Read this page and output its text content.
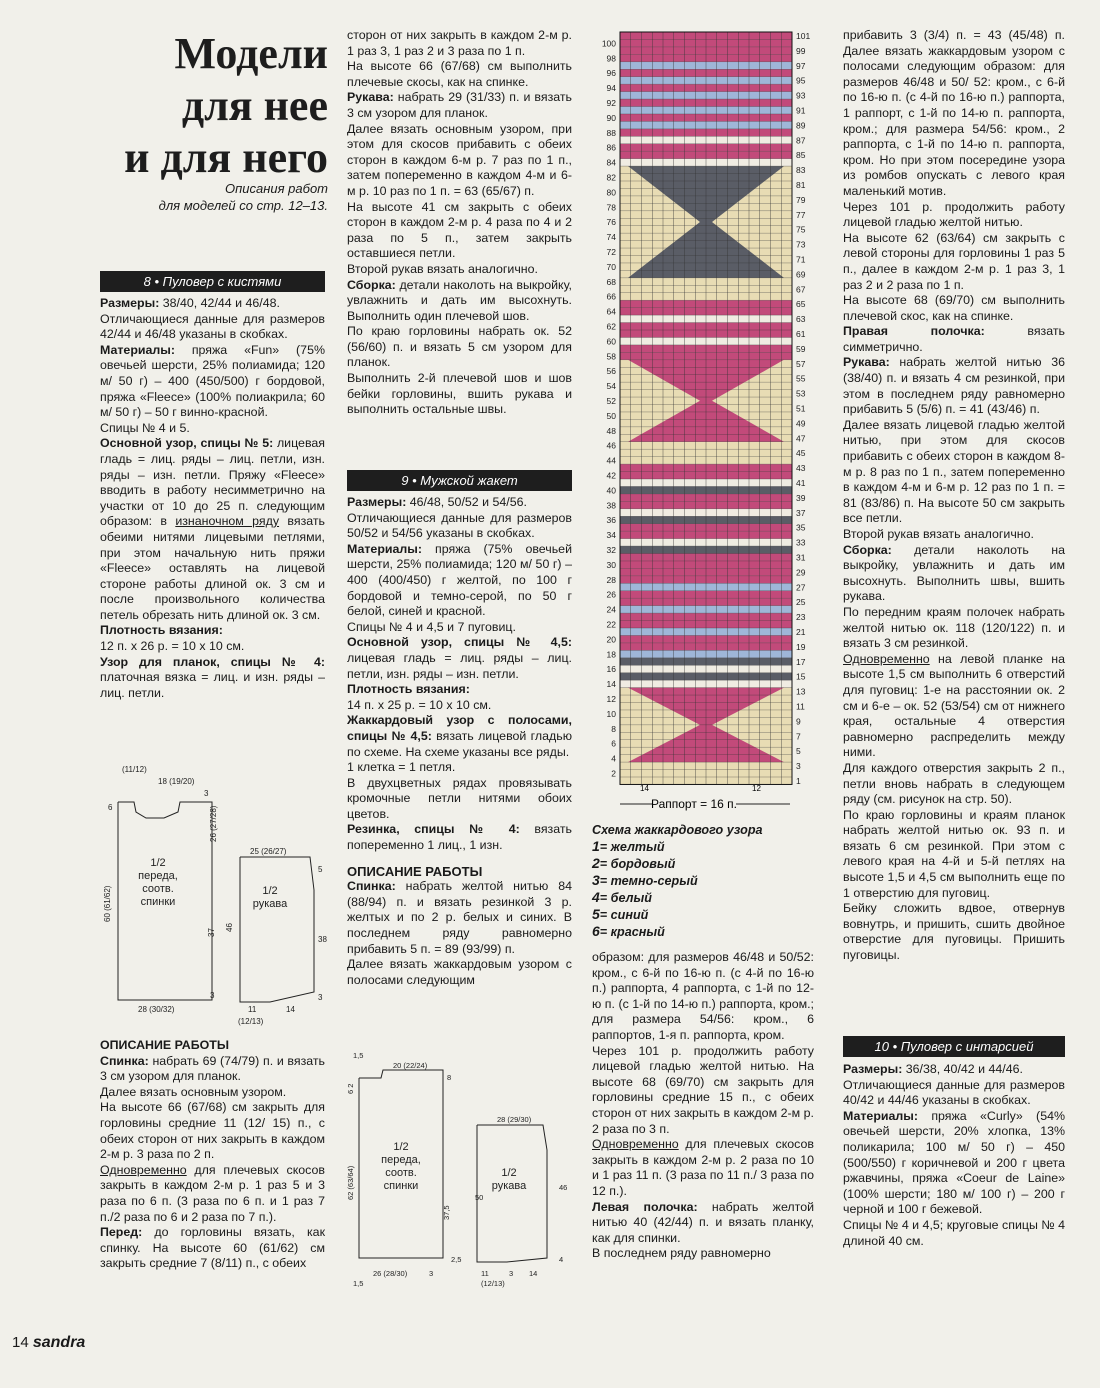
Модели
для нее
и для него
Описания работ
для моделей со стр. 12–13.
8 • Пуловер с кистями

Размеры: 38/40, 42/44 и 46/48.

Отличающиеся данные для размеров 42/44 и 46/48 указаны в скобках.

Материалы: пряжа «Fun» (75% овечьей шерсти, 25% полиамида; 120 м/ 50 г) – 400 (450/500) г бордовой, пряжа «Fleece» (100% полиакрила; 60 м/ 50 г) – 50 г винно-красной.

Спицы № 4 и 5.

Основной узор, спицы № 5: лицевая гладь = лиц. ряды – лиц. петли, изн. ряды – изн. петли. Пряжу «Fleece» вводить в работу несимметрично на участки от 10 до 25 п. следующим образом: в изнаночном ряду вязать обеими нитями лицевыми петлями, при этом начальную нить пряжи «Fleece» оставлять на лицевой стороне работы длиной ок. 3 см и после произвольного количества петель обрезать нить длиной ок. 3 см.

Плотность вязания:

12 п. х 26 р. = 10 х 10 см.

Узор для планок, спицы № 4: платочная вязка = лиц. и изн. ряды – лиц. петли.

(11/12)
18 (19/20)
6
3
26 (27/28)
60 (61/62)
37
46
3
28 (30/32)
25 (26/27)
5
38
3
11	14
(12/13)
1/2
переда,
соотв.
спинки
1/2
рукава

ОПИСАНИЕ РАБОТЫ

Спинка: набрать 69 (74/79) п. и вязать 3 см узором для планок.

Далее вязать основным узором.

На высоте 66 (67/68) см закрыть для горловины средние 11 (12/ 15) п., с обеих сторон от них закрыть в каждом 2-м р. 3 раза по 2 п.

Одновременно для плечевых скосов закрыть в каждом 2-м р. 1 раз 5 и 3 раза по 6 п. (3 раза по 6 п. и 1 раз 7 п./2 раза по 6 и 2 раза по 7 п.).

Перед: до горловины вязать, как спинку. На высоте 60 (61/62) см закрыть средние 7 (8/11) п., с обеих

сторон от них закрыть в каждом 2-м р. 1 раз 3, 1 раз 2 и 3 раза по 1 п.

На высоте 66 (67/68) см выполнить плечевые скосы, как на спинке.

Рукава: набрать 29 (31/33) п. и вязать 3 см узором для планок.

Далее вязать основным узором, при этом для скосов прибавить с обеих сторон в каждом 6-м р. 7 раз по 1 п., затем попеременно в каждом 4-м и 6-м р. 10 раз по 1 п. = 63 (65/67) п.

На высоте 41 см закрыть с обеих сторон в каждом 2-м р. 4 раза по 4 и 2 раза по 5 п., затем закрыть оставшиеся петли.

Второй рукав вязать аналогично.

Сборка: детали наколоть на выкройку, увлажнить и дать им высохнуть. Выполнить один плечевой шов.

По краю горловины набрать ок. 52 (56/60) п. и вязать 5 см узором для планок.

Выполнить 2-й плечевой шов и шов бейки горловины, вшить рукава и выполнить остальные швы.

9 • Мужской жакет

Размеры: 46/48, 50/52 и 54/56.

Отличающиеся данные для размеров 50/52 и 54/56 указаны в скобках.

Материалы: пряжа (75% овечьей шерсти, 25% полиамида; 120 м/ 50 г) – 400 (400/450) г желтой, по 100 г бордовой и темно-серой, по 50 г белой, синей и красной.

Спицы № 4 и 4,5 и 7 пуговиц.

Основной узор, спицы № 4,5: лицевая гладь = лиц. ряды – лиц. петли, изн. ряды – изн. петли.

Плотность вязания:

14 п. х 25 р. = 10 х 10 см.

Жаккардовый узор с полосами, спицы № 4,5: вязать лицевой гладью по схеме. На схеме указаны все ряды.

1 клетка = 1 петля.

В двухцветных рядах провязывать кромочные петли нитями обоих цветов.

Резинка, спицы № 4: вязать попеременно 1 лиц., 1 изн.

ОПИСАНИЕ РАБОТЫ

Спинка: набрать желтой нитью 84 (88/94) п. и вязать резинкой 3 р. желтых и по 2 р. белых и синих. В последнем ряду равномерно прибавить 5 п. = 89 (93/99) п.

Далее вязать жаккардовым узором с полосами следующим

1,5
6 2
20 (22/24)
8
62 (63/64)
37,5
2,5
26 (28/30)	3
1,5
28 (29/30)
50
46
4
11	14
(12/13)
3
1/2
переда,
соотв.
спинки
1/2
рукава
100
98
96
94
92
90
88
86
84
82
80
78
76
74
72
70
68
66
64
62
60
58
56
54
52
50
48
46
44
42
40
38
36
34
32
30
28
26
24
22
20
18
16
14
12
10
8
6
4
2
101
99
97
95
93
91
89
87
85
83
81
79
77
75
73
71
69
67
65
63
61
59
57
55
53
51
49
47
45
43
41
39
37
35
33
31
29
27
25
23
21
19
17
15
13
11
9
7
5
3
1
14	12
Раппорт = 16 п.
Схема жаккардового узора
1= желтый
2= бордовый
3= темно-серый
4= белый
5= синий
6= красный

образом: для размеров 46/48 и 50/52: кром., с 6-й по 16-ю п. (с 4-й по 16-ю п.) раппорта, 4 раппорта, с 1-й по 12-ю п. (с 1-й по 14-ю п.) раппорта, кром.; для размера 54/56: кром., 6 раппортов, 1-я п. раппорта, кром.

Через 101 р. продолжить работу лицевой гладью желтой нитью. На высоте 68 (69/70) см закрыть для горловины средние 15 п., с обеих сторон от них закрыть в каждом 2-м р. 2 раза по 3 п.

Одновременно для плечевых скосов закрыть в каждом 2-м р. 2 раза по 10 и 1 раз 11 п. (3 раза по 11 п./ 3 раза по 12 п.).

Левая полочка: набрать желтой нитью 40 (42/44) п. и вязать планку, как для спинки.

В последнем ряду равномерно

прибавить 3 (3/4) п. = 43 (45/48) п. Далее вязать жаккардовым узором с полосами следующим образом: для размеров 46/48 и 50/ 52: кром., с 6-й по 16-ю п. (с 4-й по 16-ю п.) раппорта, 1 раппорт, с 1-й по 14-ю п. раппорта, кром.; для размера 54/56: кром., 2 раппорта, с 1-й по 14-ю п. раппорта, кром. Но при этом посередине узора из ромбов опускать с левого края маленький мотив.

Через 101 р. продолжить работу лицевой гладью желтой нитью.

На высоте 62 (63/64) см закрыть с левой стороны для горловины 1 раз 5 п., далее в каждом 2-м р. 1 раз 3, 1 раз 2 и 2 раза по 1 п.

На высоте 68 (69/70) см выполнить плечевой скос, как на спинке.

Правая полочка: вязать симметрично.

Рукава: набрать желтой нитью 36 (38/40) п. и вязать 4 см резинкой, при этом в последнем ряду равномерно прибавить 5 (5/6) п. = 41 (43/46) п.

Далее вязать лицевой гладью желтой нитью, при этом для скосов прибавить с обеих сторон в каждом 8-м р. 8 раз по 1 п., затем попеременно в каждом 4-м и 6-м р. 12 раз по 1 п. = 81 (83/86) п. На высоте 50 см закрыть все петли.

Второй рукав вязать аналогично.

Сборка: детали наколоть на выкройку, увлажнить и дать им высохнуть. Выполнить швы, вшить рукава.

По передним краям полочек набрать желтой нитью ок. 118 (120/122) п. и вязать 3 см резинкой.

Одновременно на левой планке на высоте 1,5 см выполнить 6 отверстий для пуговиц: 1-е на расстоянии ок. 2 см и 6-е – ок. 52 (53/54) см от нижнего края, остальные 4 отверстия равномерно распределить между ними.

Для каждого отверстия закрыть 2 п., петли вновь набрать в следующем ряду (см. рисунок на стр. 50).

По краю горловины и краям планок набрать желтой нитью ок. 93 п. и вязать 6 см резинкой. При этом с левого края на 4-й и 5-й петлях на высоте 1,5 и 4,5 см выполнить еще по 1 отверстию для пуговиц.

Бейку сложить вдвое, отвернув вовнутрь, и пришить, сшить двойное отверстие для пуговицы. Пришить пуговицы.

10 • Пуловер с интарсией

Размеры: 36/38, 40/42 и 44/46.

Отличающиеся данные для размеров 40/42 и 44/46 указаны в скобках.

Материалы: пряжа «Curly» (54% овечьей шерсти, 20% хлопка, 13% поликарила; 100 м/ 50 г) – 450 (500/550) г коричневой и 200 г цвета ржавчины, пряжа «Coeur de Laine» (100% шерсти; 180 м/ 100 г) – 200 г черной и 100 г бежевой.

Спицы № 4 и 4,5; круговые спицы № 4 длиной 40 см.

14 sandra
